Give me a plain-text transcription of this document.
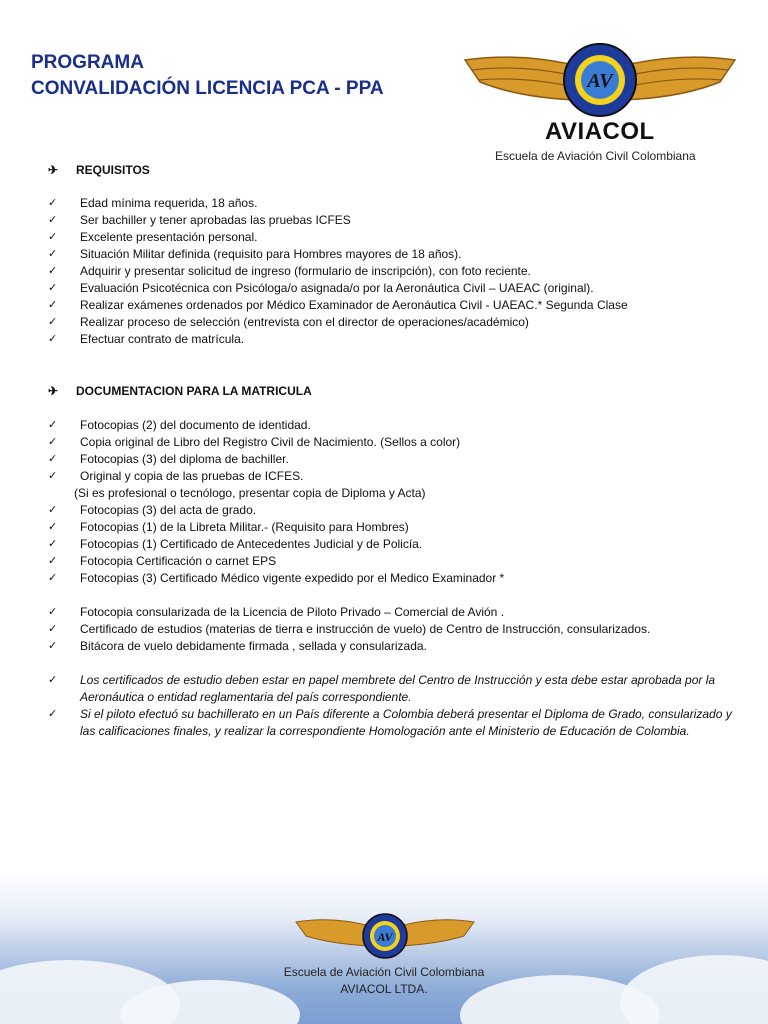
PROGRAMA
CONVALIDACIÓN LICENCIA PCA - PPA	AV
AVIACOL
Escuela de Aviación Civil Colombiana
✈	REQUISITOS
✓	Edad mínima requerida, 18 años.
✓	Ser bachiller y tener aprobadas las pruebas ICFES
✓	Excelente presentación personal.
✓	Situación Militar definida (requisito para Hombres mayores de 18 años).
✓	Adquirir y presentar solicitud de ingreso (formulario de inscripción), con foto reciente.
✓	Evaluación Psicotécnica con Psicóloga/o asignada/o por la Aeronáutica Civil – UAEAC (original).
✓	Realizar exámenes ordenados por Médico Examinador de Aeronáutica Civil - UAEAC.* Segunda Clase
✓	Realizar proceso de selección (entrevista con el director de operaciones/académico)
✓	Efectuar contrato de matrícula.
✈	DOCUMENTACION PARA LA MATRICULA
✓	Fotocopias (2) del documento de identidad.
✓	Copia original de Libro del Registro Civil de Nacimiento. (Sellos a color)
✓	Fotocopias (3) del diploma de bachiller.
✓	Original y copia de las pruebas de ICFES.
(Si es profesional o tecnólogo, presentar copia de Diploma y Acta)
✓	Fotocopias (3) del acta de grado.
✓	Fotocopias (1) de la Libreta Militar.- (Requisito para Hombres)
✓	Fotocopias (1) Certificado de Antecedentes Judicial y de Policía.
✓	Fotocopia Certificación o carnet EPS
✓	Fotocopias (3) Certificado Médico vigente expedido por el Medico Examinador *
✓	Fotocopia consularizada de la Licencia de Piloto Privado – Comercial de Avión .
✓	Certificado de estudios (materias de tierra e instrucción de vuelo) de Centro de Instrucción, consularizados.
✓	Bitácora de vuelo debidamente firmada , sellada y consularizada.
✓	Los certificados de estudio deben estar en papel membrete del Centro de Instrucción y esta debe estar aprobada por la Aeronáutica o entidad reglamentaria del país correspondiente.
✓	Si el piloto efectuó su bachillerato en un País diferente a Colombia deberá presentar el Diploma de Grado, consularizado y las calificaciones finales, y realizar la correspondiente Homologación ante el Ministerio de Educación de Colombia.
AV
Escuela de Aviación Civil Colombiana
AVIACOL LTDA.
